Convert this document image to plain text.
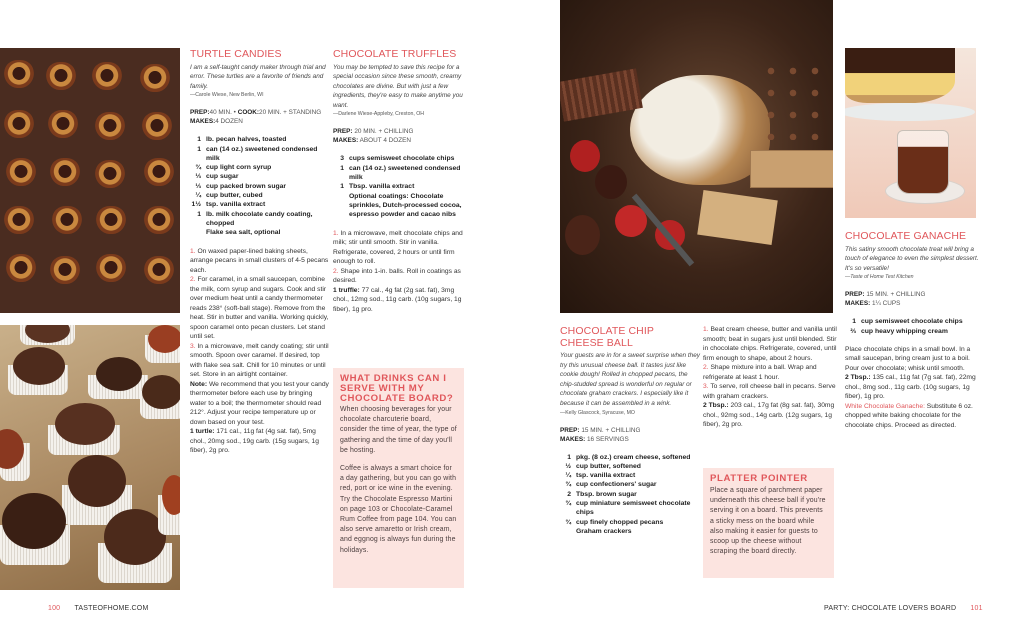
TURTLE CANDIES

I am a self-taught candy maker through trial and error. These turtles are a favorite of friends and family.

—Carole Wiese, New Berlin, WI

PREP:40 MIN. • COOK:20 MIN. + STANDING
MAKES:4 DOZEN
1 lb. pecan halves, toasted
1 can (14 oz.) sweetened condensed milk
¾ cup light corn syrup
⅓ cup sugar
⅓ cup packed brown sugar
¼ cup butter, cubed
1½ tsp. vanilla extract
1 lb. milk chocolate candy coating, chopped
Flake sea salt, optional
1. On waxed paper-lined baking sheets, arrange pecans in small clusters of 4-5 pecans each.
2. For caramel, in a small saucepan, combine the milk, corn syrup and sugars. Cook and stir over medium heat until a candy thermometer reads 238° (soft-ball stage). Remove from the heat. Stir in butter and vanilla. Working quickly, spoon caramel onto pecan clusters. Let stand until set.
3. In a microwave, melt candy coating; stir until smooth. Spoon over caramel. If desired, top with flake sea salt. Chill for 10 minutes or until set. Store in an airtight container.
Note: We recommend that you test your candy thermometer before each use by bringing water to a boil; the thermometer should read 212°. Adjust your recipe temperature up or down based on your test.
1 turtle: 171 cal., 11g fat (4g sat. fat), 5mg chol., 20mg sod., 19g carb. (15g sugars, 1g fiber), 2g pro.
CHOCOLATE TRUFFLES

You may be tempted to save this recipe for a special occasion since these smooth, creamy chocolates are divine. But with just a few ingredients, they're easy to make anytime you want.

—Darlene Wiese-Appleby, Creston, OH

PREP: 20 MIN. + CHILLING
MAKES: ABOUT 4 DOZEN
3 cups semisweet chocolate chips
1 can (14 oz.) sweetened condensed milk
1 Tbsp. vanilla extract
Optional coatings: Chocolate sprinkles, Dutch-processed cocoa, espresso powder and cacao nibs
1. In a microwave, melt chocolate chips and milk; stir until smooth. Stir in vanilla. Refrigerate, covered, 2 hours or until firm enough to roll.
2. Shape into 1-in. balls. Roll in coatings as desired.
1 truffle: 77 cal., 4g fat (2g sat. fat), 3mg chol., 12mg sod., 11g carb. (10g sugars, 1g fiber), 1g pro.
WHAT DRINKS CAN I SERVE WITH MY CHOCOLATE BOARD?

When choosing beverages for your chocolate charcuterie board, consider the time of year, the type of gathering and the time of day you'll be hosting.

Coffee is always a smart choice for a day gathering, but you can go with red, port or ice wine in the evening. Try the Chocolate Espresso Martini on page 103 or Chocolate-Caramel Rum Coffee from page 104. You can also serve amaretto or Irish cream, and eggnog is always fun during the holidays.

100 TASTEOFHOME.COM
CHOCOLATE CHIP CHEESE BALL

Your guests are in for a sweet surprise when they try this unusual cheese ball. It tastes just like cookie dough! Rolled in chopped pecans, the chip-studded spread is wonderful on regular or chocolate graham crackers. I especially like it because it can be assembled in a wink.

—Kelly Glascock, Syracuse, MO

PREP: 15 MIN. + CHILLING
MAKES: 16 SERVINGS
1 pkg. (8 oz.) cream cheese, softened
½ cup butter, softened
¼ tsp. vanilla extract
¾ cup confectioners' sugar
2 Tbsp. brown sugar
¾ cup miniature semisweet chocolate chips
¾ cup finely chopped pecans
Graham crackers
1. Beat cream cheese, butter and vanilla until smooth; beat in sugars just until blended. Stir in chocolate chips. Refrigerate, covered, until firm enough to shape, about 2 hours.
2. Shape mixture into a ball. Wrap and refrigerate at least 1 hour.
3. To serve, roll cheese ball in pecans. Serve with graham crackers.
2 Tbsp.: 203 cal., 17g fat (8g sat. fat), 30mg chol., 92mg sod., 14g carb. (12g sugars, 1g fiber), 2g pro.
PLATTER POINTER

Place a square of parchment paper underneath this cheese ball if you're serving it on a board. This prevents a sticky mess on the board while also making it easier for guests to scoop up the cheese without scraping the board directly.

CHOCOLATE GANACHE

This satiny smooth chocolate treat will bring a touch of elegance to even the simplest dessert. It's so versatile!

—Taste of Home Test Kitchen

PREP: 15 MIN. + CHILLING
MAKES: 1¼ CUPS
1 cup semisweet chocolate chips
⅔ cup heavy whipping cream
Place chocolate chips in a small bowl. In a small saucepan, bring cream just to a boil. Pour over chocolate; whisk until smooth.
2 Tbsp.: 135 cal., 11g fat (7g sat. fat), 22mg chol., 8mg sod., 11g carb. (10g sugars, 1g fiber), 1g pro.
White Chocolate Ganache: Substitute 6 oz. chopped white baking chocolate for the chocolate chips. Proceed as directed.
PARTY: CHOCOLATE LOVERS BOARD 101
